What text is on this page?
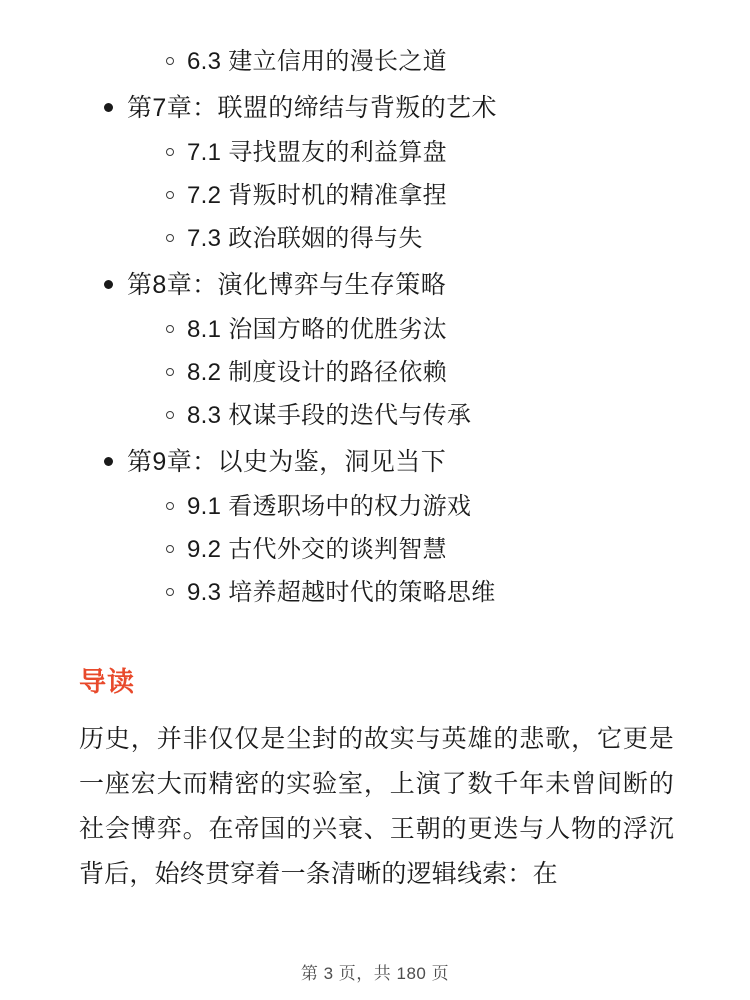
6.3 建立信用的漫长之道
第7章：联盟的缔结与背叛的艺术
7.1 寻找盟友的利益算盘
7.2 背叛时机的精准拿捏
7.3 政治联姻的得与失
第8章：演化博弈与生存策略
8.1 治国方略的优胜劣汰
8.2 制度设计的路径依赖
8.3 权谋手段的迭代与传承
第9章：以史为鉴，洞见当下
9.1 看透职场中的权力游戏
9.2 古代外交的谈判智慧
9.3 培养超越时代的策略思维
导读

历史，并非仅仅是尘封的故实与英雄的悲歌，它更是一座宏大而精密的实验室，上演了数千年未曾间断的社会博弈。在帝国的兴衰、王朝的更迭与人物的浮沉背后，始终贯穿着一条清晰的逻辑线索：在

第 3 页，共 180 页
